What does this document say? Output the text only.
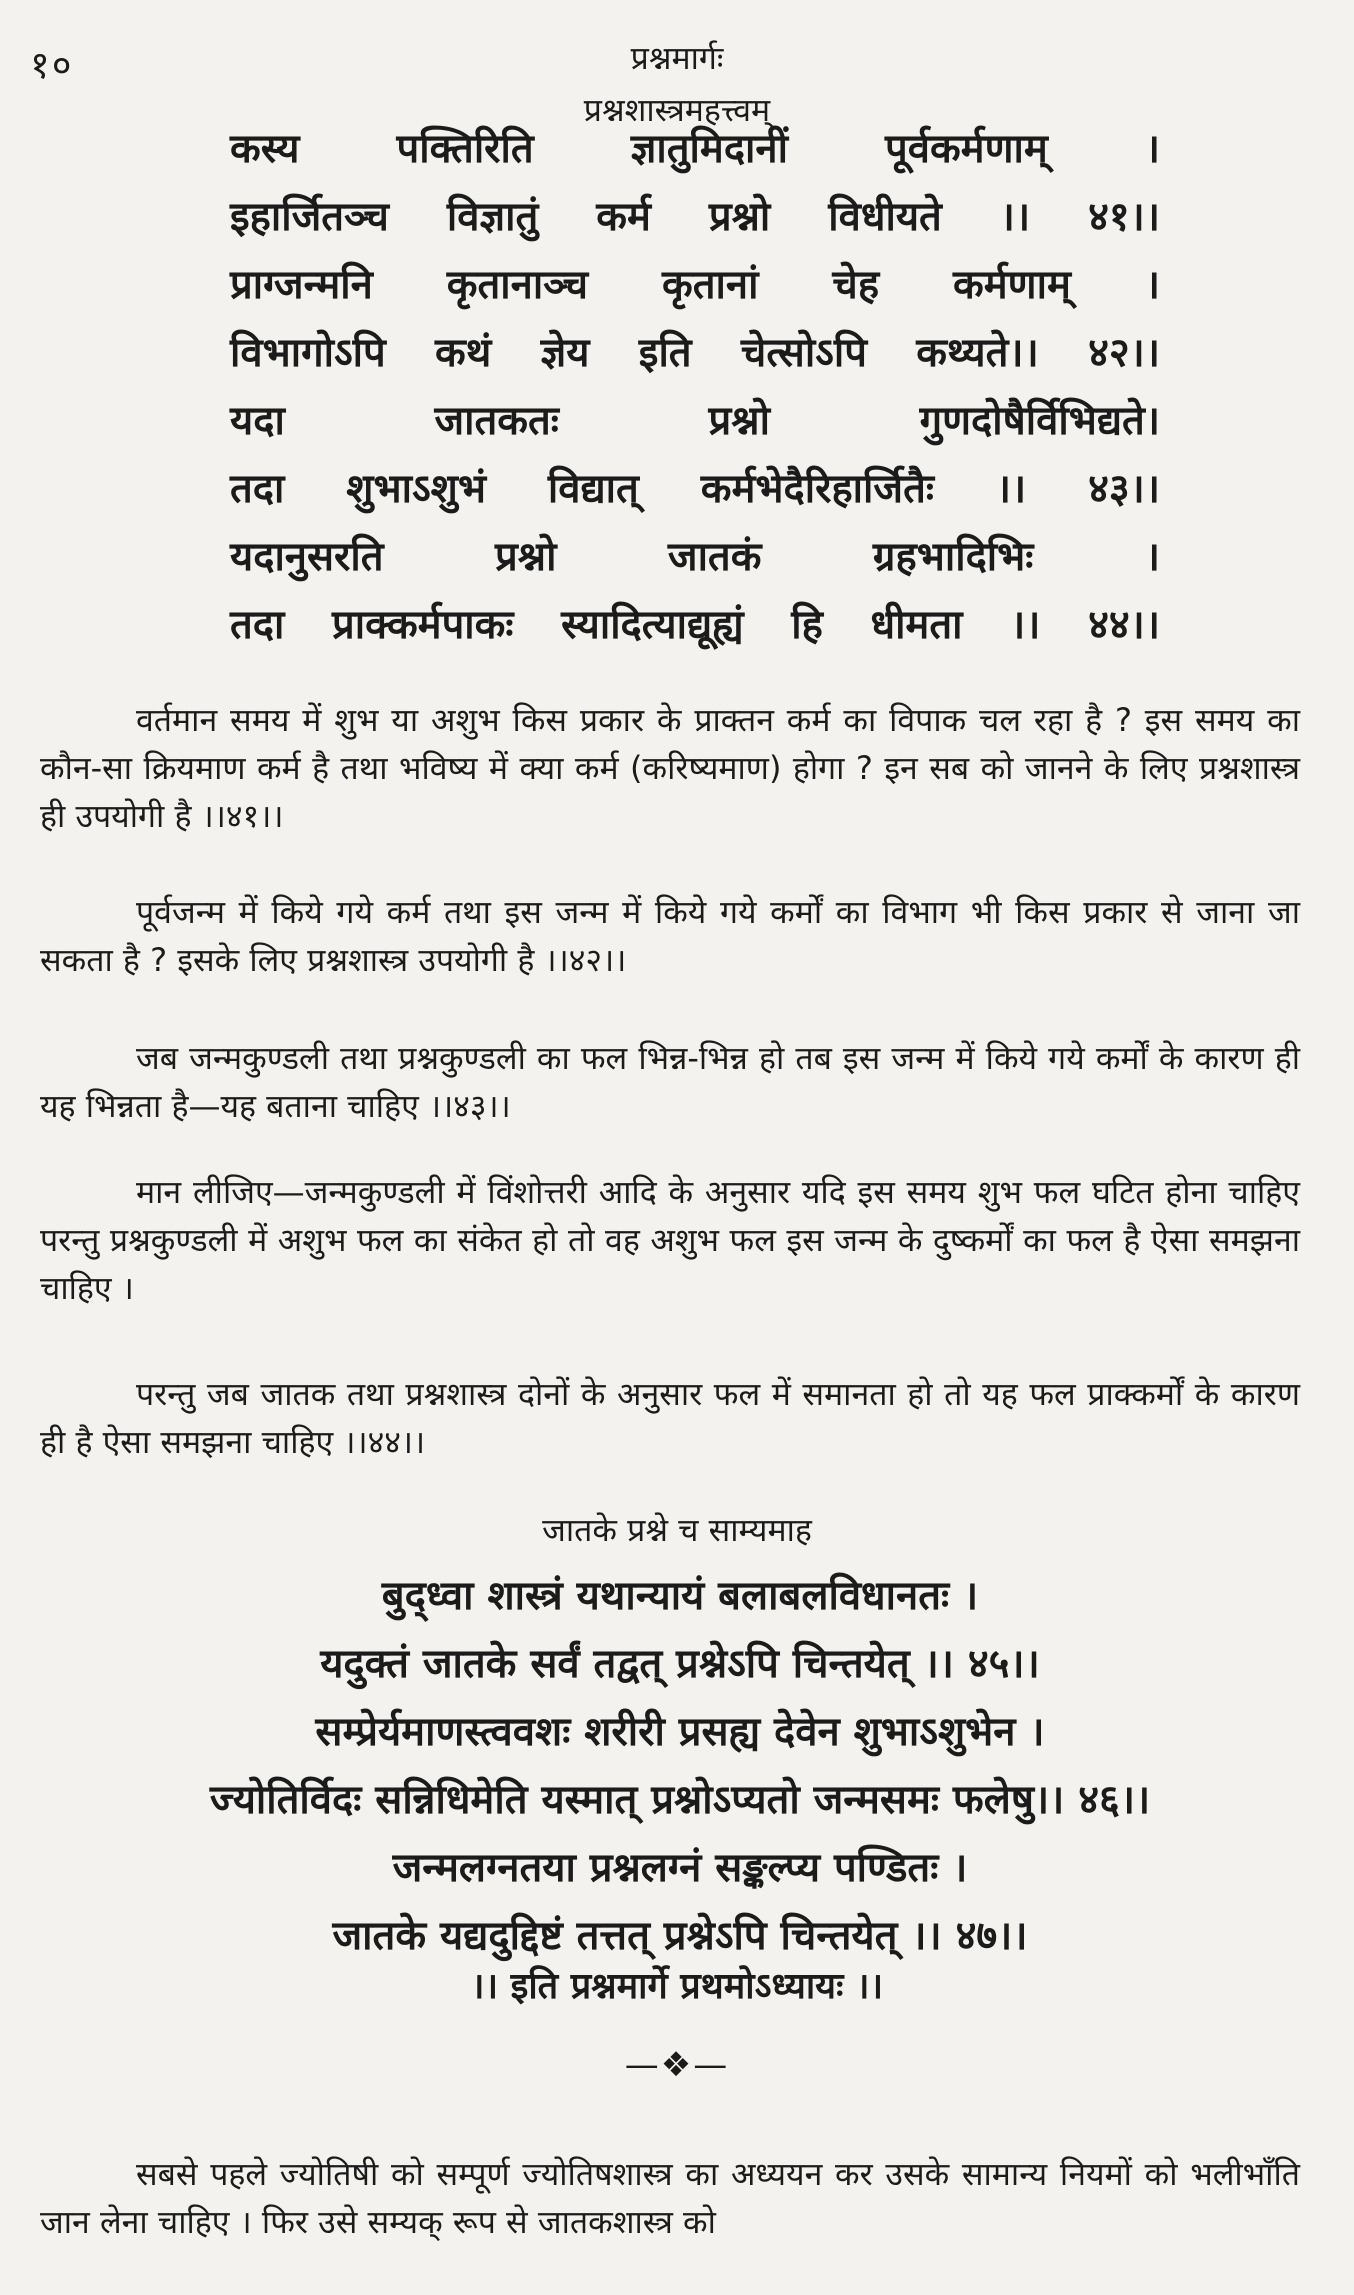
१०	प्रश्नमार्गः
प्रश्नशास्त्रमहत्त्वम्
कस्य पक्तिरिति ज्ञातुमिदानीं पूर्वकर्मणाम् ।
इहार्जितञ्च विज्ञातुं कर्म प्रश्नो विधीयते ।। ४१।।
प्राग्जन्मनि कृतानाञ्च कृतानां चेह कर्मणाम् ।
विभागोऽपि कथं ज्ञेय इति चेत्सोऽपि कथ्यते।। ४२।।
यदा जातकतः प्रश्नो गुणदोषैर्विभिद्यते।
तदा शुभाऽशुभं विद्यात् कर्मभेदैरिहार्जितैः ।। ४३।।
यदानुसरति प्रश्नो जातकं ग्रहभादिभिः ।
तदा प्राक्कर्मपाकः स्यादित्याद्यूह्यं हि धीमता ।। ४४।।

वर्तमान समय में शुभ या अशुभ किस प्रकार के प्राक्तन कर्म का विपाक चल रहा है ? इस समय का कौन-सा क्रियमाण कर्म है तथा भविष्य में क्या कर्म (करिष्यमाण) होगा ? इन सब को जानने के लिए प्रश्नशास्त्र ही उपयोगी है ।।४१।।

पूर्वजन्म में किये गये कर्म तथा इस जन्म में किये गये कर्मों का विभाग भी किस प्रकार से जाना जा सकता है ? इसके लिए प्रश्नशास्त्र उपयोगी है ।।४२।।

जब जन्मकुण्डली तथा प्रश्नकुण्डली का फल भिन्न-भिन्न हो तब इस जन्म में किये गये कर्मों के कारण ही यह भिन्नता है—यह बताना चाहिए ।।४३।।

मान लीजिए—जन्मकुण्डली में विंशोत्तरी आदि के अनुसार यदि इस समय शुभ फल घटित होना चाहिए परन्तु प्रश्नकुण्डली में अशुभ फल का संकेत हो तो वह अशुभ फल इस जन्म के दुष्कर्मों का फल है ऐसा समझना चाहिए ।

परन्तु जब जातक तथा प्रश्नशास्त्र दोनों के अनुसार फल में समानता हो तो यह फल प्राक्कर्मों के कारण ही है ऐसा समझना चाहिए ।।४४।।

जातके प्रश्ने च साम्यमाह
बुद्ध्वा शास्त्रं यथान्यायं बलाबलविधानतः ।
यदुक्तं जातके सर्वं तद्वत् प्रश्नेऽपि चिन्तयेत् ।। ४५।।
सम्प्रेर्यमाणस्त्ववशः शरीरी प्रसह्य देवेन शुभाऽशुभेन ।
ज्योतिर्विदः सन्निधिमेति यस्मात् प्रश्नोऽप्यतो जन्मसमः फलेषु।। ४६।।
जन्मलग्नतया प्रश्नलग्नं सङ्कल्प्य पण्डितः ।
जातके यद्यदुद्दिष्टं तत्तत् प्रश्नेऽपि चिन्तयेत् ।। ४७।।
।। इति प्रश्नमार्गे प्रथमोऽध्यायः ।।
—❖—

सबसे पहले ज्योतिषी को सम्पूर्ण ज्योतिषशास्त्र का अध्ययन कर उसके सामान्य नियमों को भलीभाँति जान लेना चाहिए । फिर उसे सम्यक् रूप से जातकशास्त्र को
